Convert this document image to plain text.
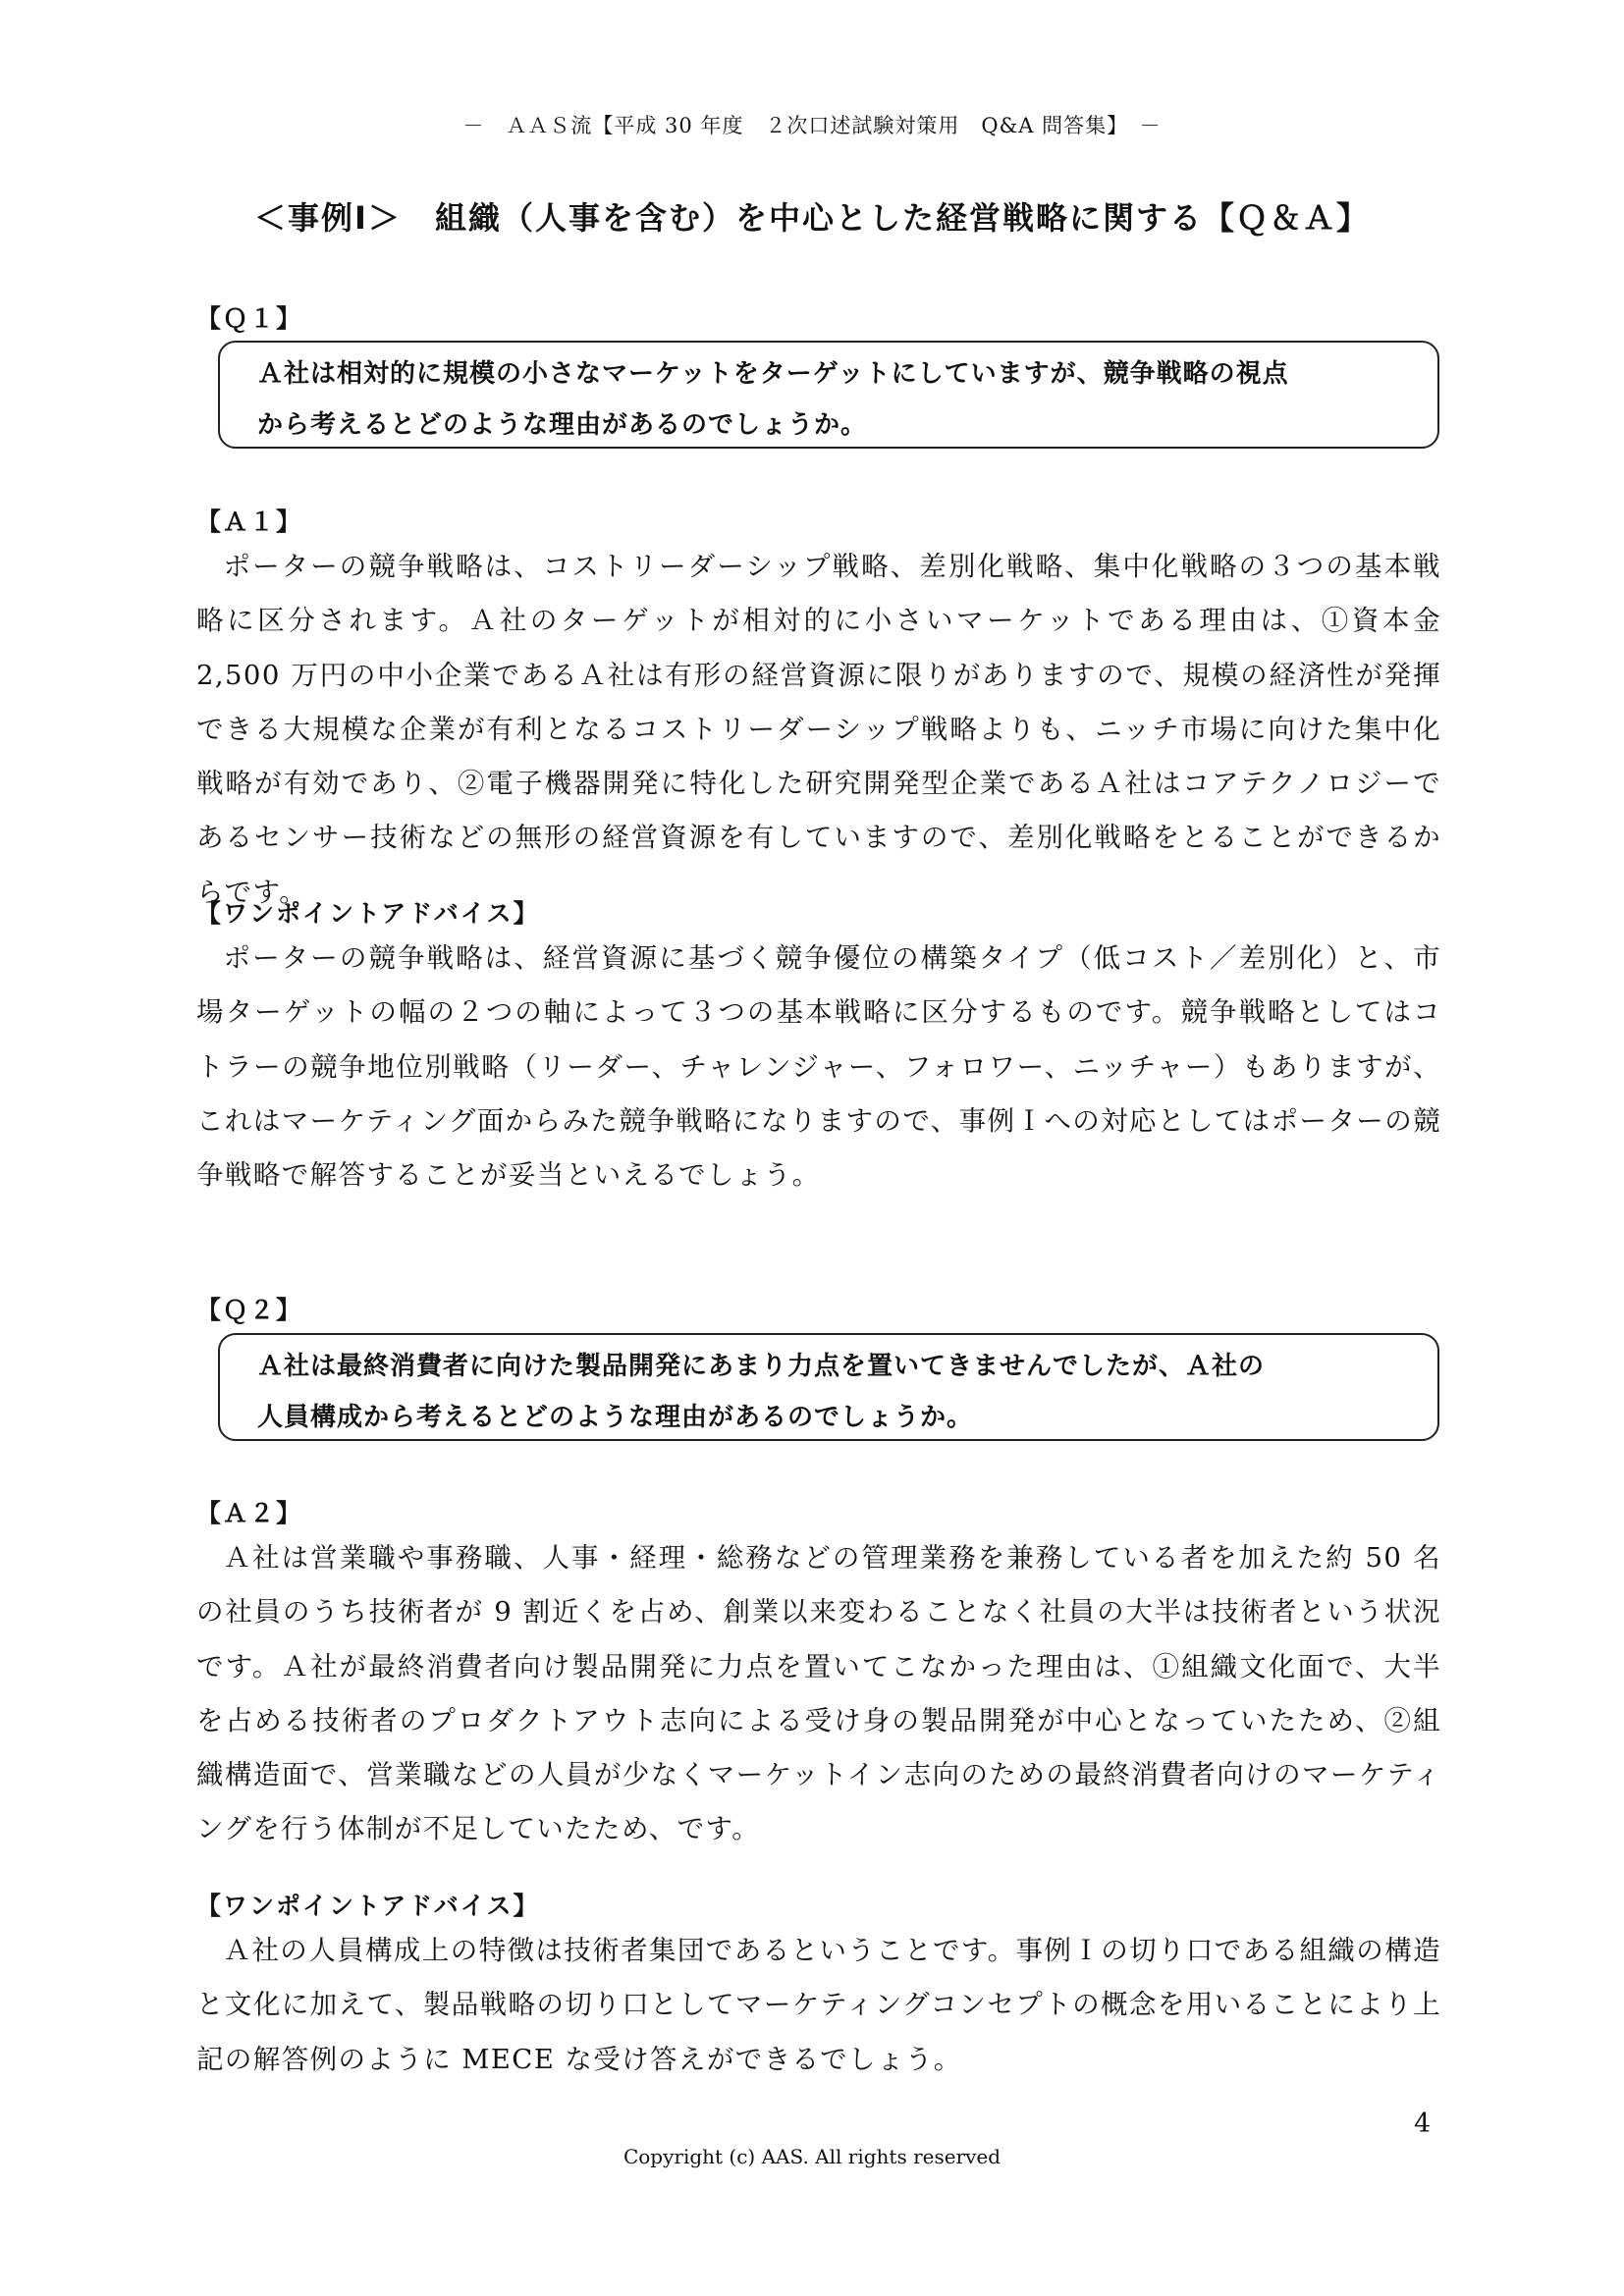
－　ＡＡＳ流【平成 30 年度　２次口述試験対策用　Q&A 問答集】　－
＜事例Ⅰ＞　組織（人事を含む）を中心とした経営戦略に関する【Ｑ＆Ａ】
【Ｑ１】

Ａ社は相対的に規模の小さなマーケットをターゲットにしていますが、競争戦略の視点

から考えるとどのような理由があるのでしょうか。

【Ａ１】

ポーターの競争戦略は、コストリーダーシップ戦略、差別化戦略、集中化戦略の３つの基本戦略に区分されます。Ａ社のターゲットが相対的に小さいマーケットである理由は、①資本金 2,500 万円の中小企業であるＡ社は有形の経営資源に限りがありますので、規模の経済性が発揮できる大規模な企業が有利となるコストリーダーシップ戦略よりも、ニッチ市場に向けた集中化戦略が有効であり、②電子機器開発に特化した研究開発型企業であるＡ社はコアテクノロジーであるセンサー技術などの無形の経営資源を有していますので、差別化戦略をとることができるからです。

【ワンポイントアドバイス】

ポーターの競争戦略は、経営資源に基づく競争優位の構築タイプ（低コスト／差別化）と、市場ターゲットの幅の２つの軸によって３つの基本戦略に区分するものです。競争戦略としてはコトラーの競争地位別戦略（リーダー、チャレンジャー、フォロワー、ニッチャー）もありますが、これはマーケティング面からみた競争戦略になりますので、事例Ｉへの対応としてはポーターの競争戦略で解答することが妥当といえるでしょう。

【Ｑ２】

Ａ社は最終消費者に向けた製品開発にあまり力点を置いてきませんでしたが、Ａ社の

人員構成から考えるとどのような理由があるのでしょうか。

【Ａ２】

Ａ社は営業職や事務職、人事・経理・総務などの管理業務を兼務している者を加えた約 50 名の社員のうち技術者が 9 割近くを占め、創業以来変わることなく社員の大半は技術者という状況です。Ａ社が最終消費者向け製品開発に力点を置いてこなかった理由は、①組織文化面で、大半を占める技術者のプロダクトアウト志向による受け身の製品開発が中心となっていたため、②組織構造面で、営業職などの人員が少なくマーケットイン志向のための最終消費者向けのマーケティングを行う体制が不足していたため、です。

【ワンポイントアドバイス】

Ａ社の人員構成上の特徴は技術者集団であるということです。事例Ｉの切り口である組織の構造と文化に加えて、製品戦略の切り口としてマーケティングコンセプトの概念を用いることにより上記の解答例のように MECE な受け答えができるでしょう。

4
Copyright (c) AAS. All rights reserved
